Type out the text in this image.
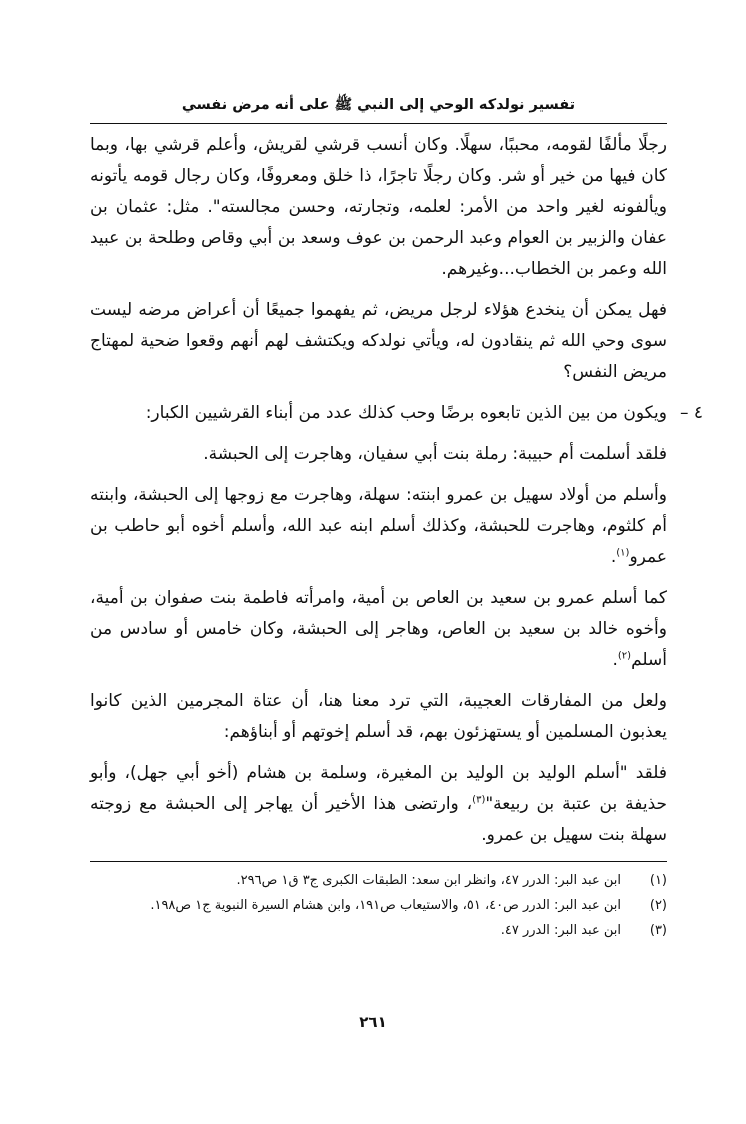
تفسير نولدكه الوحي إلى النبي ﷺ على أنه مرض نفسي

رجلًا مألفًا لقومه، محببًا، سهلًا. وكان أنسب قرشي لقريش، وأعلم قرشي بها، وبما كان فيها من خير أو شر. وكان رجلًا تاجرًا، ذا خلق ومعروفًا، وكان رجال قومه يأتونه ويألفونه لغير واحد من الأمر: لعلمه، وتجارته، وحسن مجالسته". مثل: عثمان بن عفان والزبير بن العوام وعبد الرحمن بن عوف وسعد بن أبي وقاص وطلحة بن عبيد الله وعمر بن الخطاب...وغيرهم.

فهل يمكن أن ينخدع هؤلاء لرجل مريض، ثم يفهموا جميعًا أن أعراض مرضه ليست سوى وحي الله ثم ينقادون له، ويأتي نولدكه ويكتشف لهم أنهم وقعوا ضحية لمهتاج مريض النفس؟

٤ –
ويكون من بين الذين تابعوه برضًا وحب كذلك عدد من أبناء القرشيين الكبار:

فلقد أسلمت أم حبيبة: رملة بنت أبي سفيان، وهاجرت إلى الحبشة.

وأسلم من أولاد سهيل بن عمرو ابنته: سهلة، وهاجرت مع زوجها إلى الحبشة، وابنته أم كلثوم، وهاجرت للحبشة، وكذلك أسلم ابنه عبد الله، وأسلم أخوه أبو حاطب بن عمرو$^{(١)}$.

كما أسلم عمرو بن سعيد بن العاص بن أمية، وامرأته فاطمة بنت صفوان بن أمية، وأخوه خالد بن سعيد بن العاص، وهاجر إلى الحبشة، وكان خامس أو سادس من أسلم$^{(٢)}$.

ولعل من المفارقات العجيبة، التي ترد معنا هنا، أن عتاة المجرمين الذين كانوا يعذبون المسلمين أو يستهزئون بهم، قد أسلم إخوتهم أو أبناؤهم:

فلقد "أسلم الوليد بن الوليد بن المغيرة، وسلمة بن هشام (أخو أبي جهل)، وأبو حذيفة بن عتبة بن ربيعة"$^{(٣)}$، وارتضى هذا الأخير أن يهاجر إلى الحبشة مع زوجته سهلة بنت سهيل بن عمرو.

(١)
ابن عبد البر: الدرر ٤٧، وانظر ابن سعد: الطبقات الكبرى ج٣ ق١ ص٢٩٦.
(٢)
ابن عبد البر: الدرر ص٤٠، ٥١، والاستيعاب ص١٩١، وابن هشام السيرة النبوية ج١ ص١٩٨.
(٣)
ابن عبد البر: الدرر ٤٧.
٢٦١
